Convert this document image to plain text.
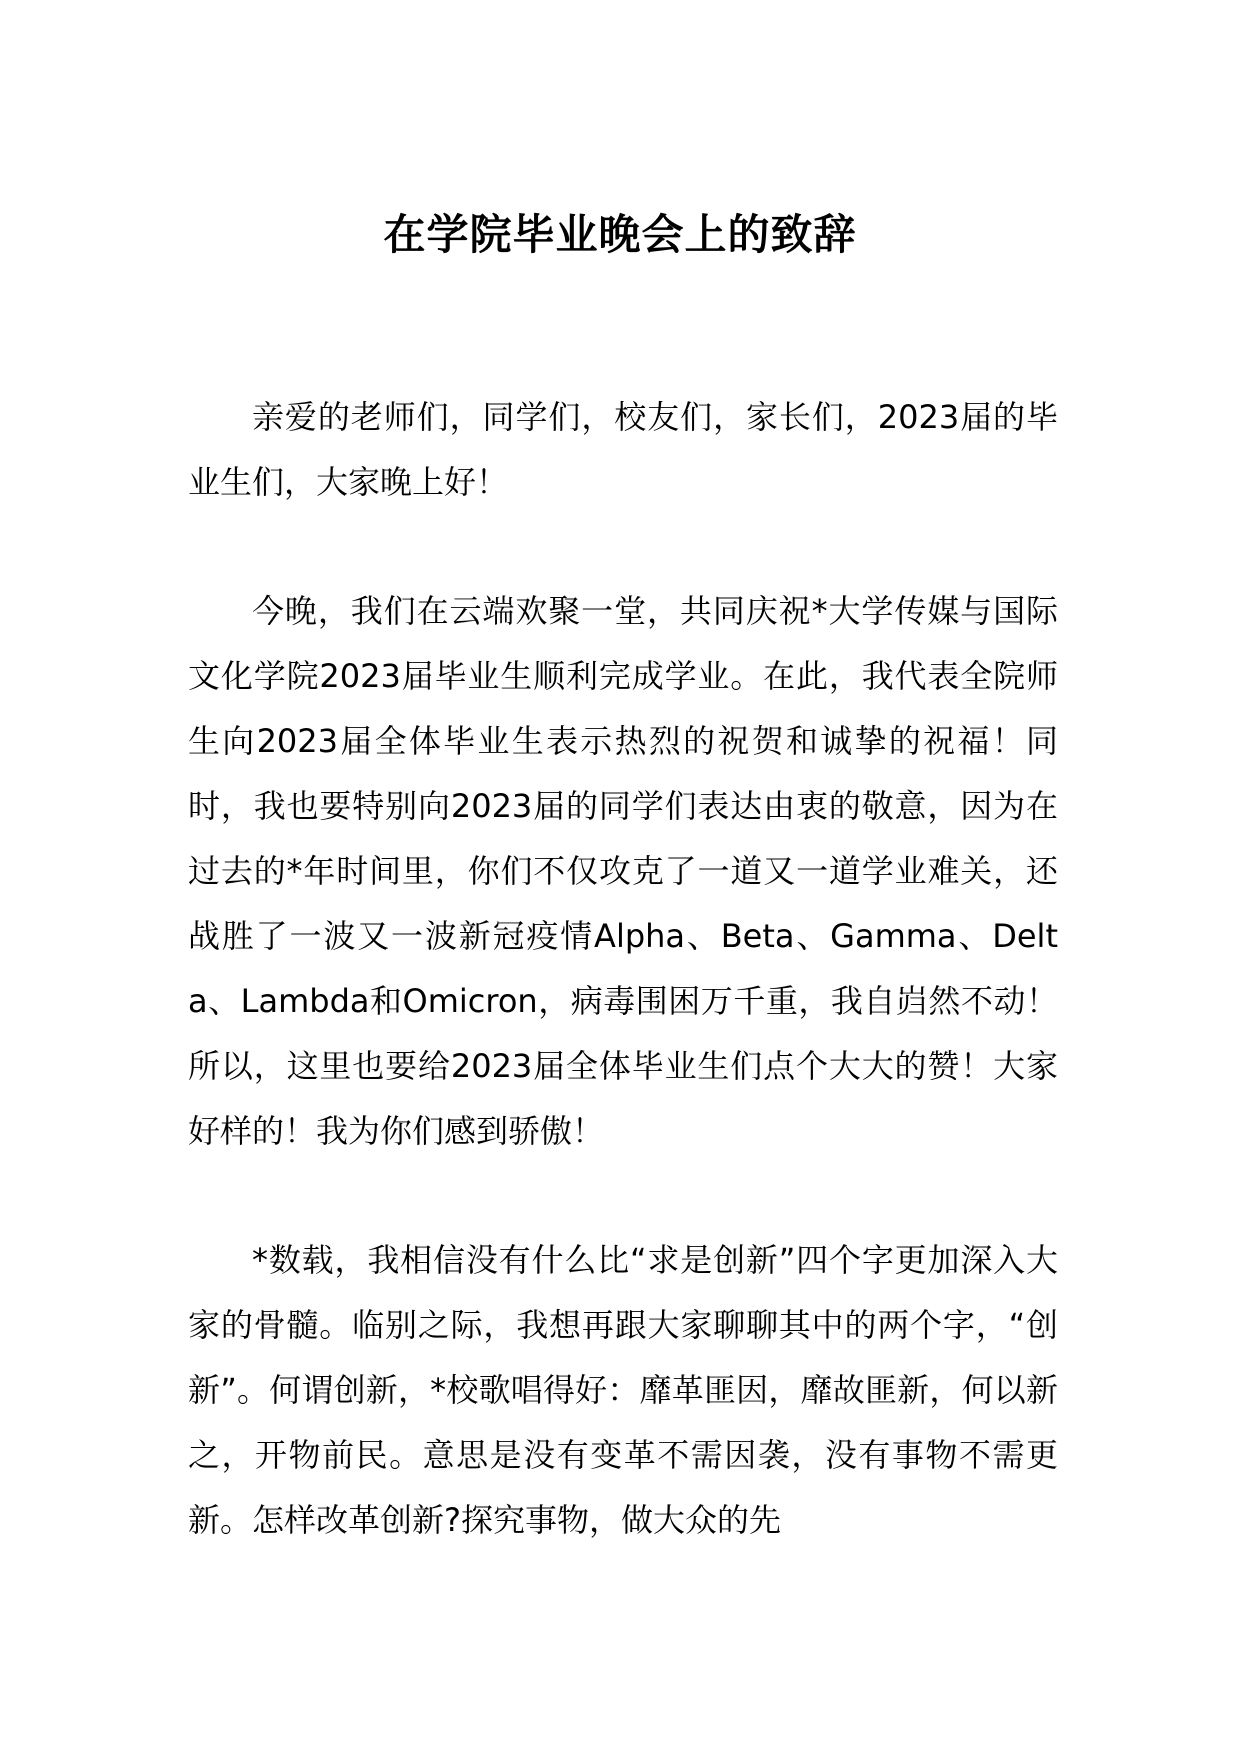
在学院毕业晚会上的致辞

亲爱的老师们，同学们，校友们，家长们，2023届的毕业生们，大家晚上好！

今晚，我们在云端欢聚一堂，共同庆祝*大学传媒与国际文化学院2023届毕业生顺利完成学业。在此，我代表全院师生向2023届全体毕业生表示热烈的祝贺和诚挚的祝福！同时，我也要特别向2023届的同学们表达由衷的敬意，因为在过去的*年时间里，你们不仅攻克了一道又一道学业难关，还战胜了一波又一波新冠疫情Alpha、Beta、Gamma、Delta、Lambda和Omicron，病毒围困万千重，我自岿然不动！所以，这里也要给2023届全体毕业生们点个大大的赞！大家好样的！我为你们感到骄傲！

*数载，我相信没有什么比“求是创新”四个字更加深入大家的骨髓。临别之际，我想再跟大家聊聊其中的两个字，“创新”。何谓创新，*校歌唱得好：靡革匪因，靡故匪新，何以新之，开物前民。意思是没有变革不需因袭，没有事物不需更新。怎样改革创新?探究事物，做大众的先
